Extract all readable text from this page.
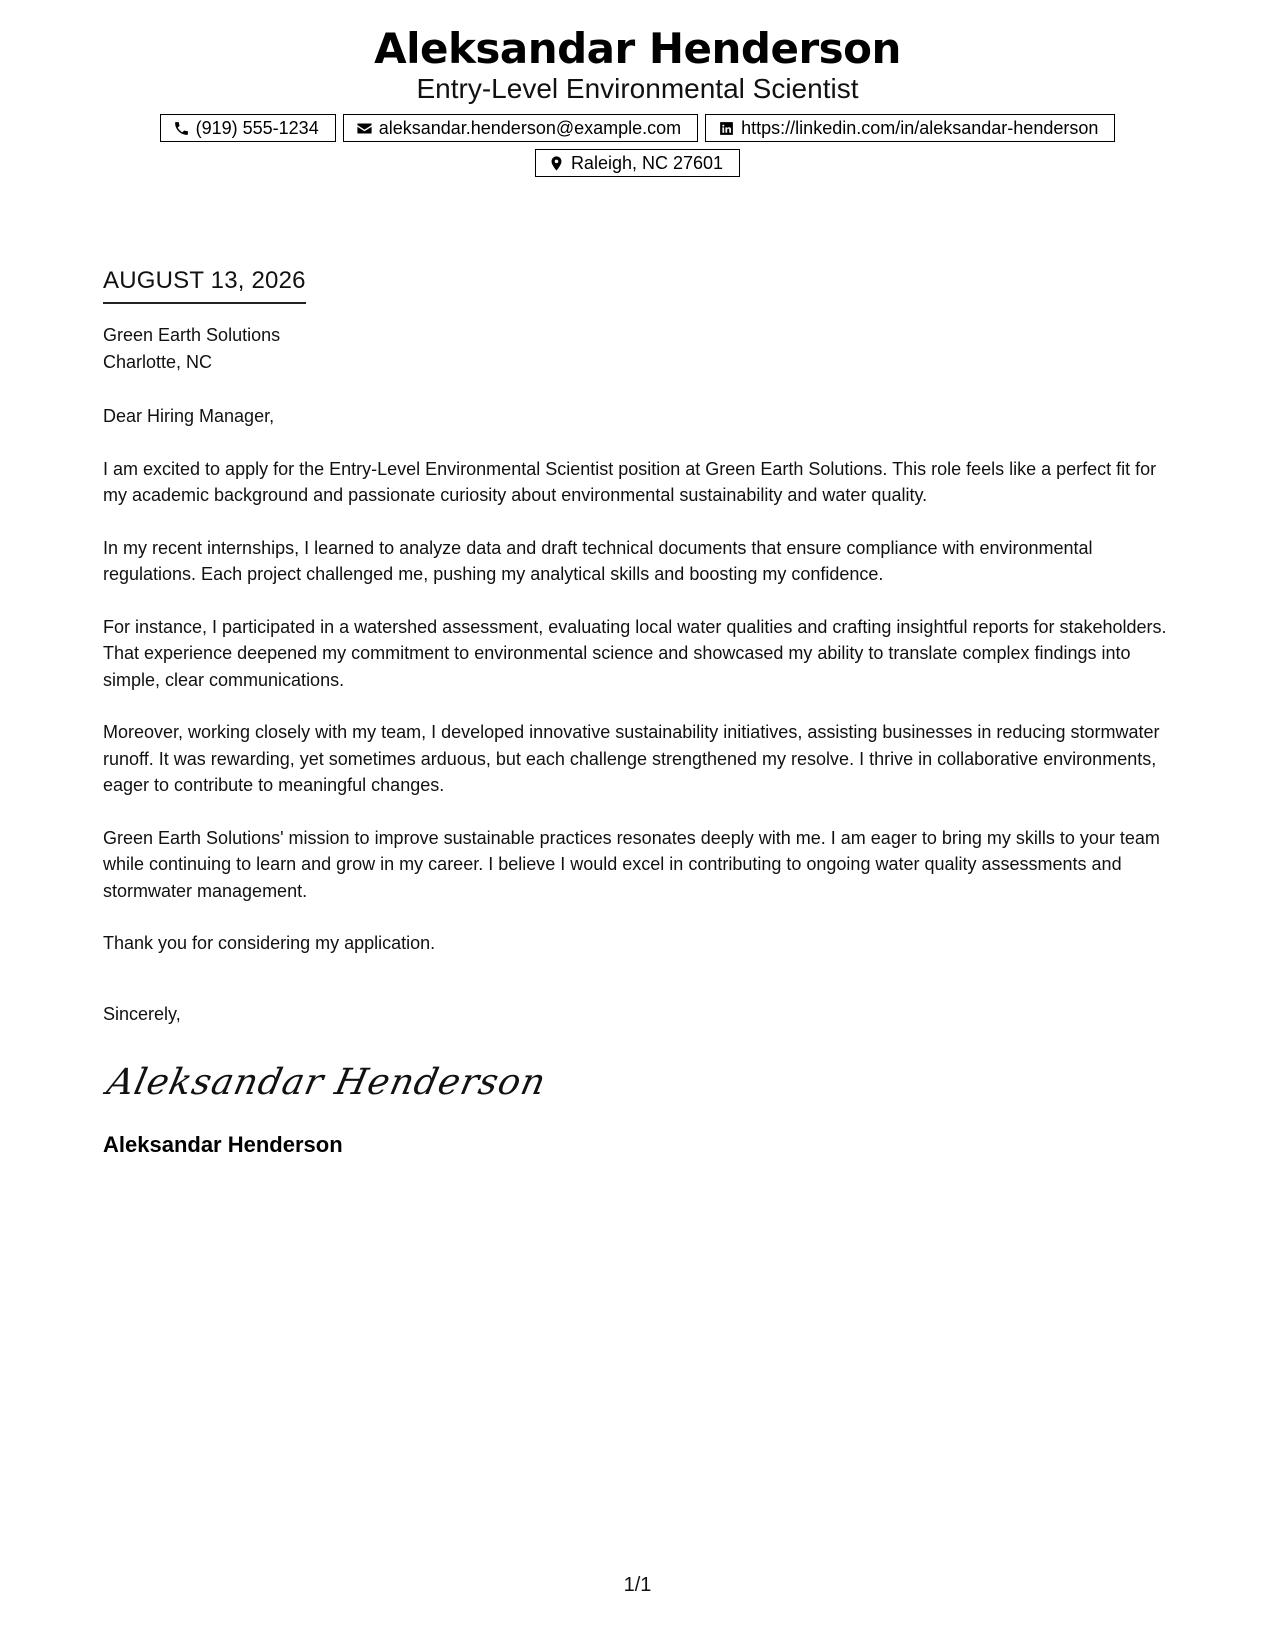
Aleksandar Henderson
Entry-Level Environmental Scientist
(919) 555-1234	aleksandar.henderson@example.com	https://linkedin.com/in/aleksandar-henderson
Raleigh, NC 27601
AUGUST 13, 2026
Green Earth Solutions
Charlotte, NC

Dear Hiring Manager,

I am excited to apply for the Entry-Level Environmental Scientist position at Green Earth Solutions. This role feels like a perfect fit for my academic background and passionate curiosity about environmental sustainability and water quality.

In my recent internships, I learned to analyze data and draft technical documents that ensure compliance with environmental regulations. Each project challenged me, pushing my analytical skills and boosting my confidence.

For instance, I participated in a watershed assessment, evaluating local water qualities and crafting insightful reports for stakeholders. That experience deepened my commitment to environmental science and showcased my ability to translate complex findings into simple, clear communications.

Moreover, working closely with my team, I developed innovative sustainability initiatives, assisting businesses in reducing stormwater runoff. It was rewarding, yet sometimes arduous, but each challenge strengthened my resolve. I thrive in collaborative environments, eager to contribute to meaningful changes.

Green Earth Solutions' mission to improve sustainable practices resonates deeply with me. I am eager to bring my skills to your team while continuing to learn and grow in my career. I believe I would excel in contributing to ongoing water quality assessments and stormwater management.

Thank you for considering my application.

Sincerely,

Aleksandar Henderson
Aleksandar Henderson
1/1
